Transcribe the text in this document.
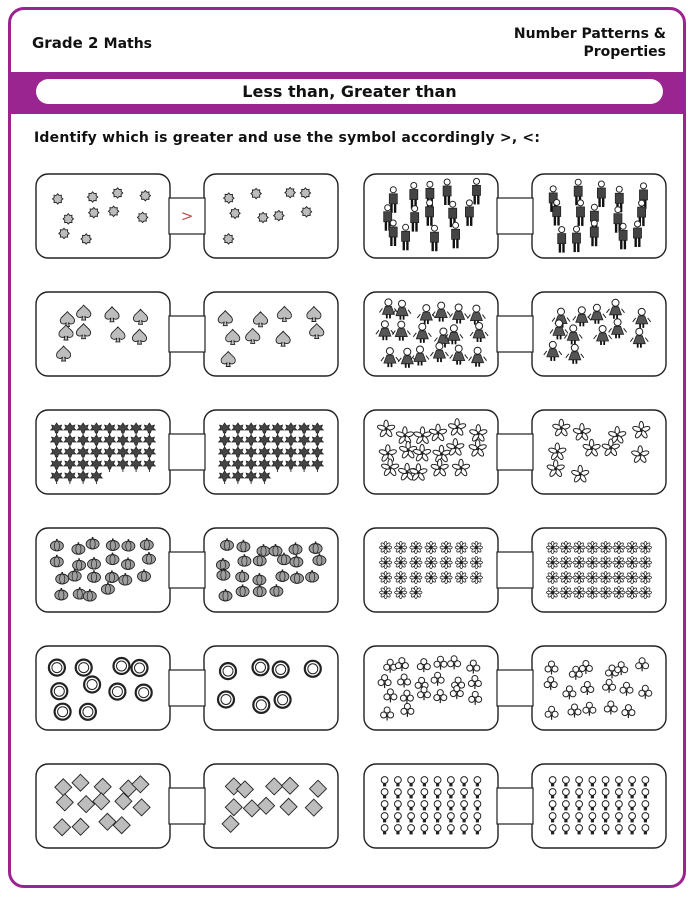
Grade 2 Maths
Number Patterns &
Properties
Less than, Greater than
Identify which is greater and use the symbol accordingly >, <:
>
